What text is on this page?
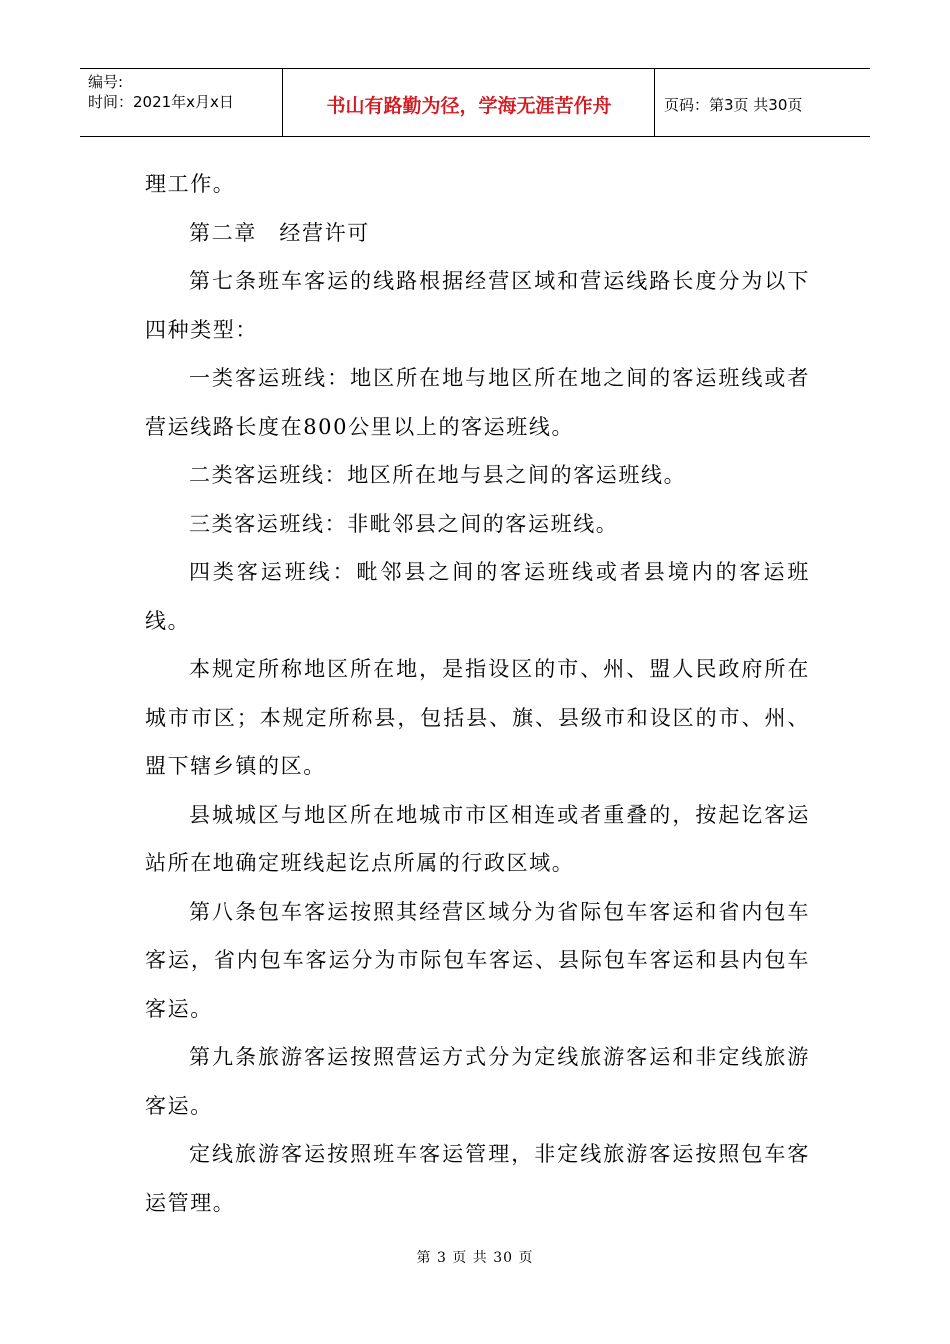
编号:
时间：2021年x月x日	书山有路勤为径，学海无涯苦作舟	页码：第3页 共30页

理工作。

第二章　经营许可

第七条班车客运的线路根据经营区域和营运线路长度分为以下四种类型：

一类客运班线：地区所在地与地区所在地之间的客运班线或者营运线路长度在800公里以上的客运班线。

二类客运班线：地区所在地与县之间的客运班线。

三类客运班线：非毗邻县之间的客运班线。

四类客运班线：毗邻县之间的客运班线或者县境内的客运班线。

本规定所称地区所在地，是指设区的市、州、盟人民政府所在城市市区；本规定所称县，包括县、旗、县级市和设区的市、州、盟下辖乡镇的区。

县城城区与地区所在地城市市区相连或者重叠的，按起讫客运站所在地确定班线起讫点所属的行政区域。

第八条包车客运按照其经营区域分为省际包车客运和省内包车客运，省内包车客运分为市际包车客运、县际包车客运和县内包车客运。

第九条旅游客运按照营运方式分为定线旅游客运和非定线旅游客运。

定线旅游客运按照班车客运管理，非定线旅游客运按照包车客运管理。

第 3 页 共 30 页
